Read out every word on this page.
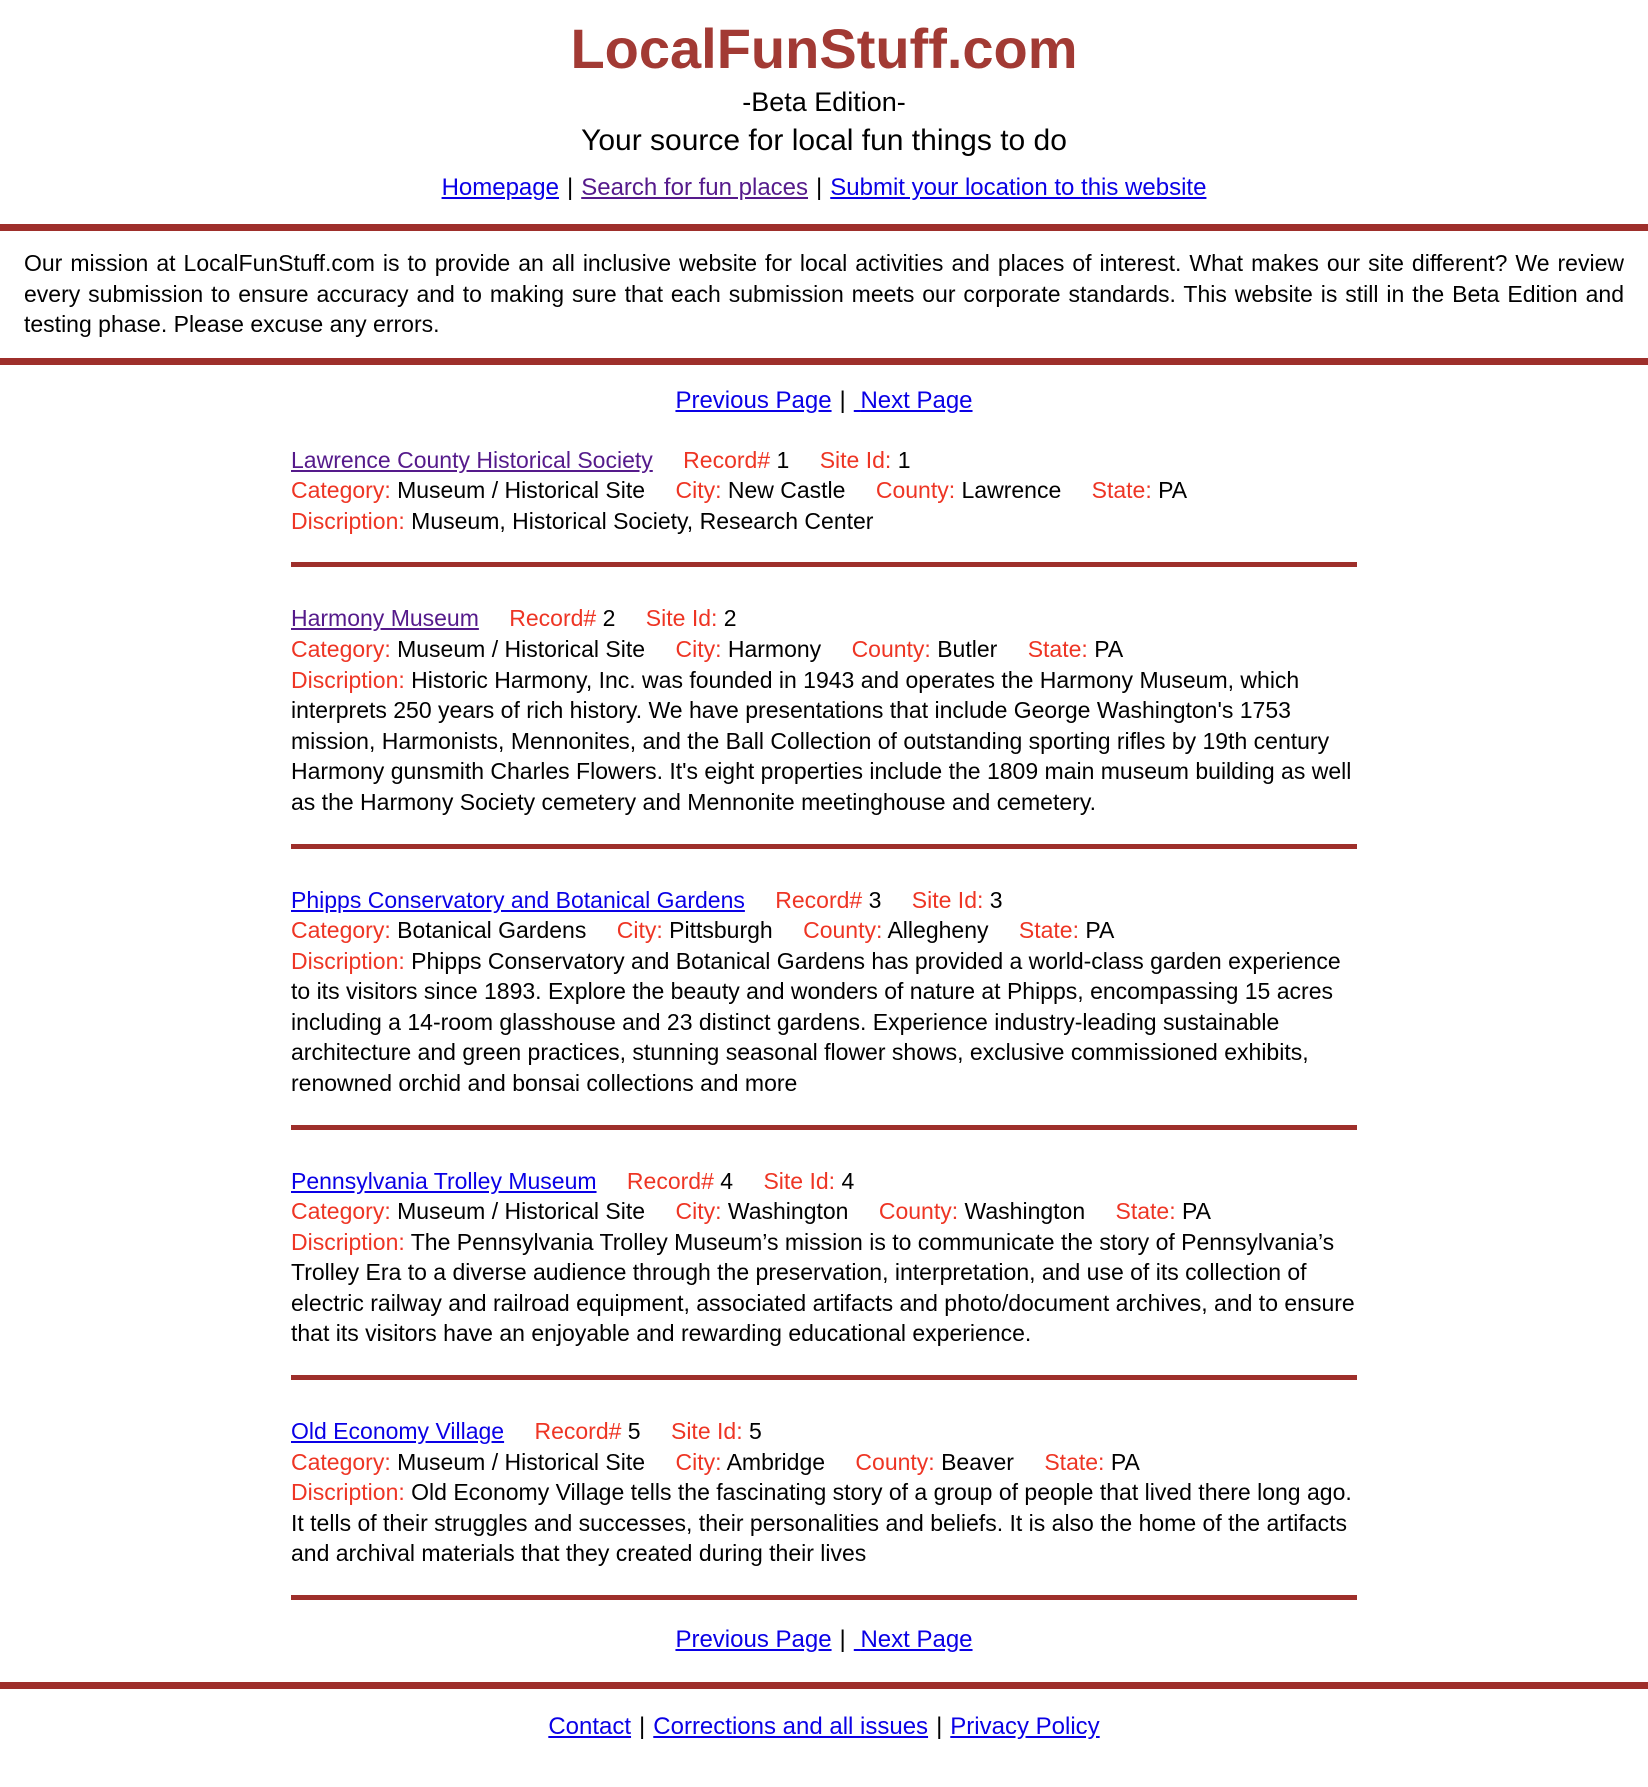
LocalFunStuff.com
-Beta Edition-
Your source for local fun things to do
Homepage | Search for fun places | Submit your location to this website

Our mission at LocalFunStuff.com is to provide an all inclusive website for local activities and places of interest. What makes our site different? We review every submission to ensure accuracy and to making sure that each submission meets our corporate standards. This website is still in the Beta Edition and testing phase. Please excuse any errors.

Previous Page | Next Page
Lawrence County Historical Society Record# 1 Site Id: 1
Category: Museum / Historical Site City: New Castle County: Lawrence State: PA
Discription: Museum, Historical Society, Research Center
Harmony Museum Record# 2 Site Id: 2
Category: Museum / Historical Site City: Harmony County: Butler State: PA
Discription: Historic Harmony, Inc. was founded in 1943 and operates the Harmony Museum, which interprets 250 years of rich history. We have presentations that include George Washington's 1753 mission, Harmonists, Mennonites, and the Ball Collection of outstanding sporting rifles by 19th century Harmony gunsmith Charles Flowers. It's eight properties include the 1809 main museum building as well as the Harmony Society cemetery and Mennonite meetinghouse and cemetery.
Phipps Conservatory and Botanical Gardens Record# 3 Site Id: 3
Category: Botanical Gardens City: Pittsburgh County: Allegheny State: PA
Discription: Phipps Conservatory and Botanical Gardens has provided a world-class garden experience to its visitors since 1893. Explore the beauty and wonders of nature at Phipps, encompassing 15 acres including a 14-room glasshouse and 23 distinct gardens. Experience industry-leading sustainable architecture and green practices, stunning seasonal flower shows, exclusive commissioned exhibits, renowned orchid and bonsai collections and more
Pennsylvania Trolley Museum Record# 4 Site Id: 4
Category: Museum / Historical Site City: Washington County: Washington State: PA
Discription: The Pennsylvania Trolley Museum’s mission is to communicate the story of Pennsylvania’s Trolley Era to a diverse audience through the preservation, interpretation, and use of its collection of electric railway and railroad equipment, associated artifacts and photo/document archives, and to ensure that its visitors have an enjoyable and rewarding educational experience.
Old Economy Village Record# 5 Site Id: 5
Category: Museum / Historical Site City: Ambridge County: Beaver State: PA
Discription: Old Economy Village tells the fascinating story of a group of people that lived there long ago. It tells of their struggles and successes, their personalities and beliefs. It is also the home of the artifacts and archival materials that they created during their lives
Previous Page | Next Page
Contact | Corrections and all issues | Privacy Policy
